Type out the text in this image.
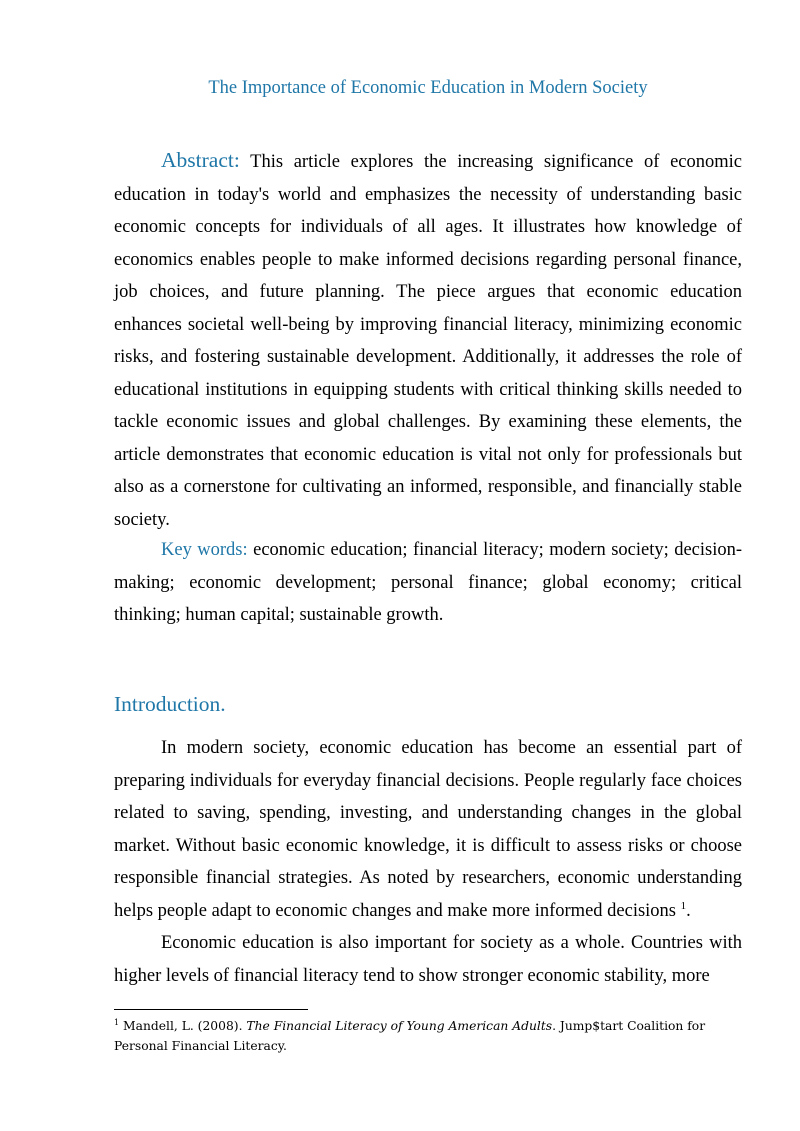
The Importance of Economic Education in Modern Society

Abstract: This article explores the increasing significance of economic education in today's world and emphasizes the necessity of understanding basic economic concepts for individuals of all ages. It illustrates how knowledge of economics enables people to make informed decisions regarding personal finance, job choices, and future planning. The piece argues that economic education enhances societal well-being by improving financial literacy, minimizing economic risks, and fostering sustainable development. Additionally, it addresses the role of educational institutions in equipping students with critical thinking skills needed to tackle economic issues and global challenges. By examining these elements, the article demonstrates that economic education is vital not only for professionals but also as a cornerstone for cultivating an informed, responsible, and financially stable society.

Key words: economic education; financial literacy; modern society; decision-making; economic development; personal finance; global economy; critical thinking; human capital; sustainable growth.

Introduction.

In modern society, economic education has become an essential part of preparing individuals for everyday financial decisions. People regularly face choices related to saving, spending, investing, and understanding changes in the global market. Without basic economic knowledge, it is difficult to assess risks or choose responsible financial strategies. As noted by researchers, economic understanding helps people adapt to economic changes and make more informed decisions $^1$.

Economic education is also important for society as a whole. Countries with higher levels of financial literacy tend to show stronger economic stability, more

$^1$ Mandell, L. (2008). The Financial Literacy of Young American Adults. Jump$tart Coalition for Personal Financial Literacy.
